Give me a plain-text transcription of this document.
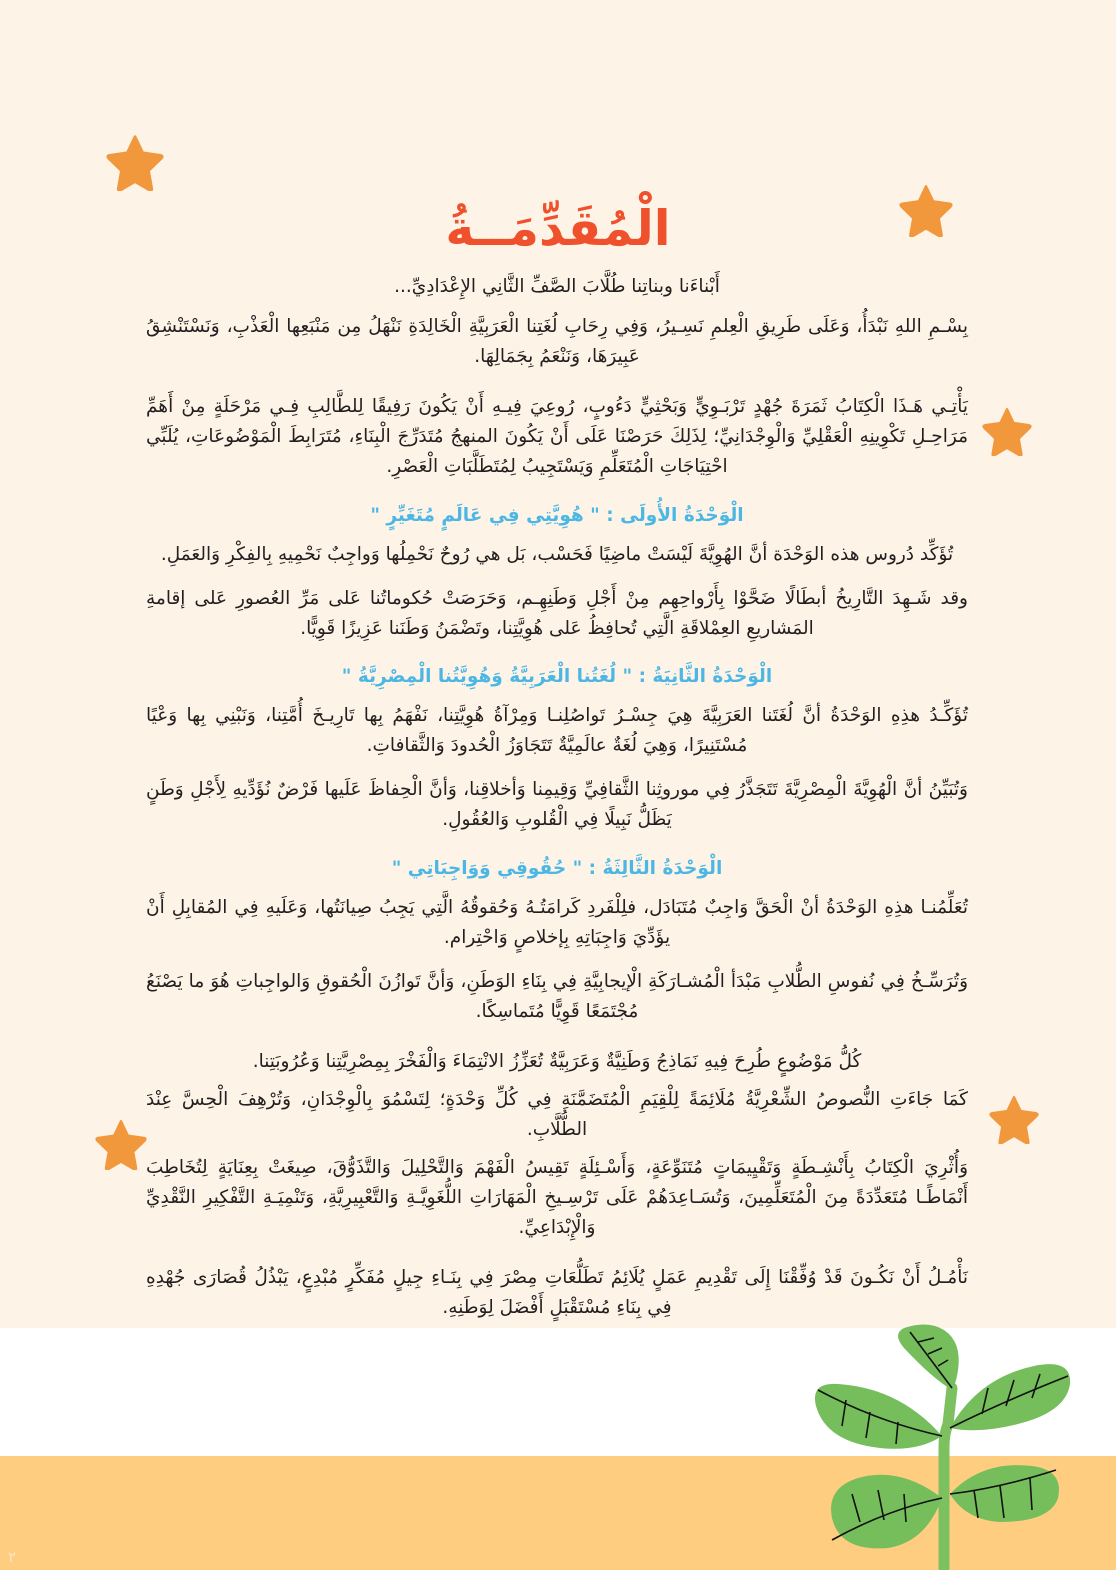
الْمُقَدِّمَــةُ

أَبْناءَنا وبناتِنا طُلَّابَ الصَّفِّ الثَّانِي الإِعْدَادِيِّ...

بِسْـمِ اللهِ نَبْدَأُ، وَعَلَى طَرِيقِ الْعِلمِ نَسِـيرُ، وَفِي رِحَابِ لُغَتِنا الْعَرَبِيَّةِ الْخَالِدَةِ نَنْهَلُ مِن مَنْبَعِها الْعَذْبِ، وَنَسْتَنْشِقُ عَبِيرَهَا، وَنَنْعَمُ بِجَمَالِهَا.

يَأْتِـي هَـذَا الْكِتَابُ ثَمَرَةَ جُهْدٍ تَرْبَـوِيٍّ وَبَحْثِيٍّ دَءُوبٍ، رُوعِيَ فِيـهِ أَنْ يَكُونَ رَفِيقًا لِلطَّالِبِ فِـي مَرْحَلَةٍ مِنْ أَهَمِّ مَرَاحِـلِ تَكْوِينِهِ الْعَقْلِيِّ وَالْوِجْدَانِيِّ؛ لِذَلِكَ حَرَصْنَا عَلَى أَنْ يَكُونَ المنهجُ مُتَدَرِّجَ الْبِنَاءِ، مُتَرَابِطَ الْمَوْضُوعَاتِ، يُلَبِّي احْتِيَاجَاتِ الْمُتَعَلِّمِ وَيَسْتَجِيبُ لِمُتَطَلَّبَاتِ الْعَصْرِ.

الْوَحْدَةُ الأُولَى : " هُوِيَّتِي فِي عَالَمٍ مُتَغَيِّرٍ "

تُؤَكِّد دُروس هذه الوَحْدَة أنَّ الهُوِيَّةَ لَيْسَتْ ماضِيًا فَحَسْب، بَل هي رُوحٌ نَحْمِلُها وَواجِبٌ نَحْمِيهِ بِالفِكْرِ وَالعَمَلِ.

وقد شَـهِدَ التَّارِيخُ أبطَالًا ضَحَّوْا بِأَرْواحِهِم مِنْ أَجْلِ وَطَنِهِـم، وَحَرَصَتْ حُكوماتُنا عَلى مَرِّ العُصورِ عَلى إقامةِ المَشاريعِ العِمْلاقَةِ الَّتِي تُحافِظُ عَلى هُوِيَّتِنا، وتَضْمَنُ وَطَنَنا عَزِيزًا قَوِيًّا.

الْوَحْدَةُ الثَّانِيَةُ : " لُغَتُنا الْعَرَبِيَّةُ وَهُوِيَّتُنا الْمِصْرِيَّةُ "

تُؤَكِّـدُ هذِهِ الوَحْدَةُ أنَّ لُغَتَنا العَرَبِيَّةَ هِيَ جِسْـرُ تَواصُلِنـا وَمِرْآةُ هُوِيَّتِنا، نَفْهَمُ بِها تَارِيـخَ أُمَّتِنا، وَنَبْنِي بِها وَعْيًا مُسْتَنِيرًا، وَهِيَ لُغَةٌ عالَمِيَّةٌ تَتَجَاوَزُ الْحُدودَ وَالثَّقافاتِ.

وَتُبَيِّنُ أنَّ الْهُوِيَّةَ الْمِصْرِيَّةَ تَتَجَذَّرُ فِي موروثِنا الثَّقافِيِّ وَقِيمِنا وَأخلاقِنا، وَأنَّ الْحِفاظَ عَلَيها فَرْضٌ نُؤَدِّيهِ لِأَجْلِ وَطَنٍ يَظَلُّ نَبِيلًا فِي الْقُلوبِ وَالعُقُولِ.

الْوَحْدَةُ الثَّالِثَةُ : " حُقُوقِي وَوَاجِبَاتِي "

تُعَلِّمُنـا هذِهِ الوَحْدَةُ أنْ الْحَقَّ وَاجِبٌ مُتَبَادَل، فلِلْفَردِ كَرامَتُـهُ وَحُقوقُهُ الَّتِي يَجِبُ صِيانَتُها، وَعَلَيهِ فِي المُقابِلِ أَنْ يؤَدِّيَ وَاجِبَاتِهِ بِإخلاصٍ وَاحْتِرام.

وَتُرَسِّـخُ فِي نُفوسِ الطُّلابِ مَبْدَأ الْمُشـارَكَةِ الْإيجابِيَّةِ فِي بِنَاءِ الوَطَنِ، وَأنَّ تَوازُنَ الْحُقوقِ وَالواجِباتِ هُوَ ما يَصْنَعُ مُجْتَمَعًا قَوِيًّا مُتَماسِكًا.

كُلُّ مَوْضُوعٍ طُرِحَ فِيهِ نَمَاذِجُ وَطَنِيَّةٌ وَعَرَبِيَّةٌ تُعَزِّزُ الانْتِمَاءَ وَالْفَخْرَ بِمِصْرِيَّتِنا وَعُرُوبَتِنا.

كَمَا جَاءَتِ النُّصوصُ الشِّعْرِيَّةُ مُلَائِمَةً لِلْقِيَمِ الْمُتَضَمَّنَةِ فِي كُلِّ وَحْدَةٍ؛ لِتَسْمُوَ بِالْوِجْدَانِ، وَتُرْهِفَ الْحِسَّ عِنْدَ الطُّلَّابِ.

وَأُثْرِيَ الْكِتَابُ بِأَنْشِـطَةٍ وَتَقْيِيمَاتٍ مُتَنَوِّعَةٍ، وَأَسْـئِلَةٍ تَقِيسُ الْفَهْمَ وَالتَّحْلِيلَ وَالتَّذَوُّقَ، صِيغَتْ بِعِنَايَةٍ لِتُخَاطِبَ أَنْمَاطًـا مُتَعَدِّدَةً مِنَ الْمُتَعَلِّمِينَ، وَتُسَـاعِدَهُمْ عَلَى تَرْسِـيخِ الْمَهَارَاتِ اللُّغَوِيَّـةِ وَالتَّعْبِيرِيَّةِ، وَتَنْمِيَـةِ التَّفْكِيرِ النَّقْدِيِّ وَالْإِبْدَاعِيِّ.

نَأْمُـلُ أَنْ نَكُـونَ قَدْ وُفِّقْنَا إِلَى تَقْدِيمِ عَمَلٍ يُلَائِمُ تَطَلُّعَاتِ مِصْرَ فِي بِنَـاءِ جِيلٍ مُفَكِّرٍ مُبْدِعٍ، يَبْذُلُ قُصَارَى جُهْدِهِ فِي بِنَاءِ مُسْتَقْبَلٍ أَفْضَلَ لِوَطَنِهِ.

٢
